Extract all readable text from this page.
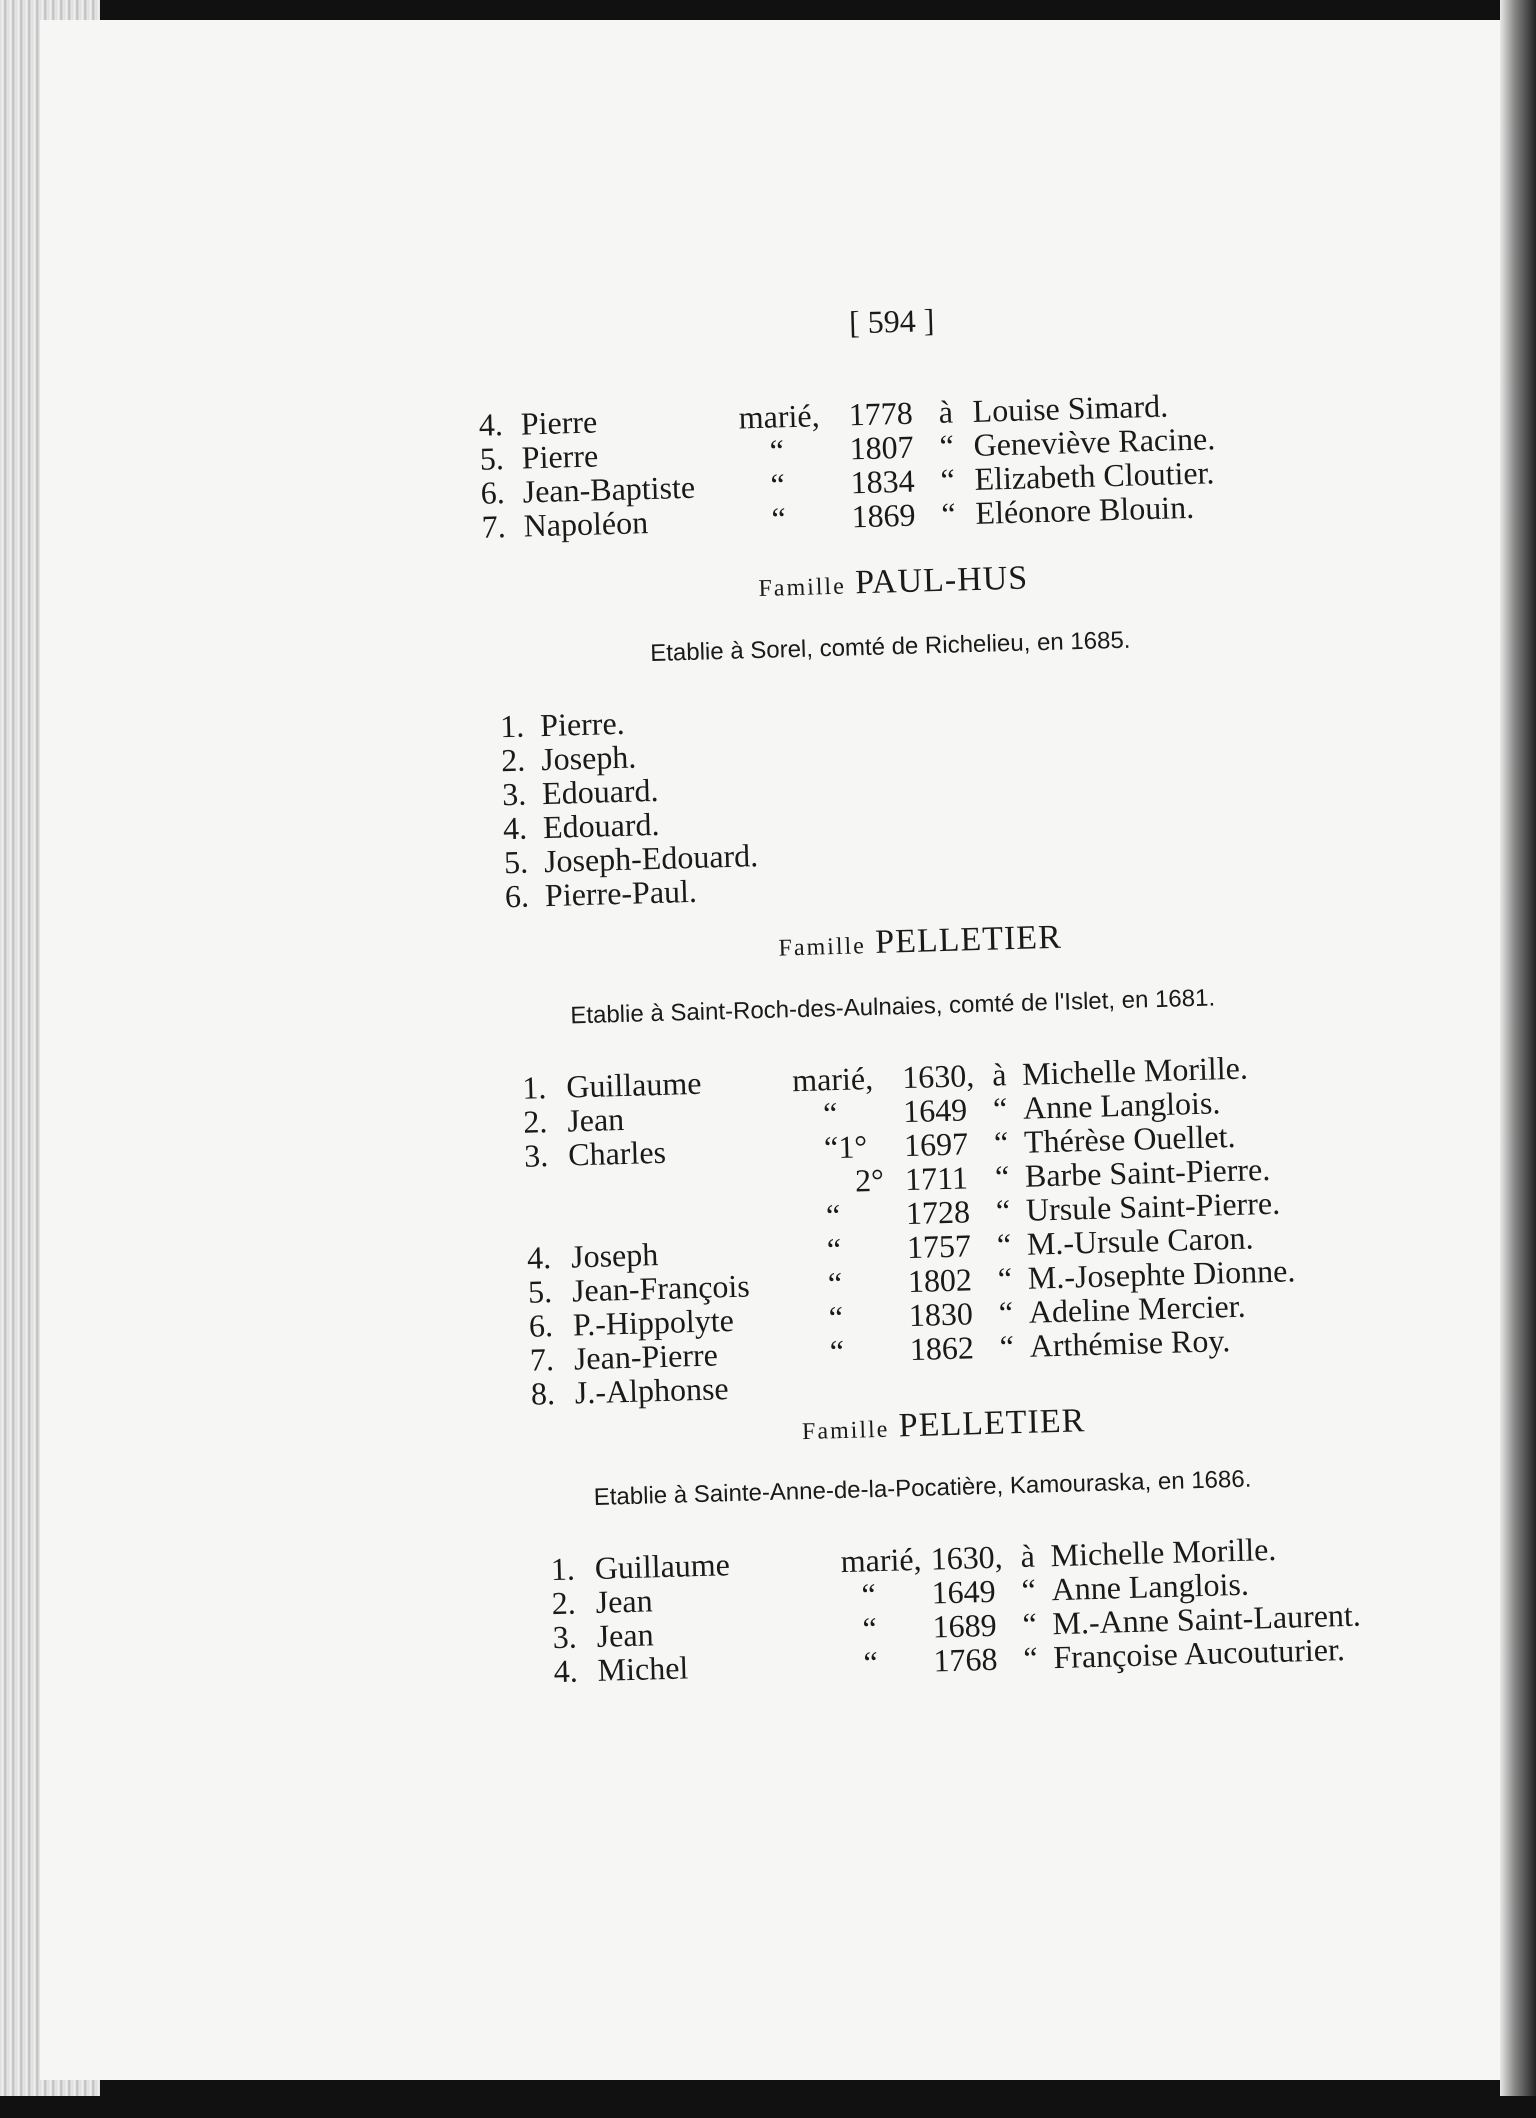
[ 594 ]
4. Pierre	marié, 1778 à Louise Simard.
5. Pierre	“ 1807 “ Geneviève Racine.
6. Jean-Baptiste “ 1834 “ Elizabeth Cloutier.
7. Napoléon	“ 1869 “ Eléonore Blouin.
Famille PAUL-HUS
Etablie à Sorel, comté de Richelieu, en 1685.
1. Pierre.
2. Joseph.
3. Edouard.
4. Edouard.
5. Joseph-Edouard.
6. Pierre-Paul.
Famille PELLETIER
Etablie à Saint-Roch-des-Aulnaies, comté de l'Islet, en 1681.
1. Guillaume	marié, 1630, à Michelle Morille.
2. Jean	“ 1649 “ Anne Langlois.
3. Charles	“1° 1697 “ Thérèse Ouellet.
2° 1711 “ Barbe Saint-Pierre.
“ 1728 “ Ursule Saint-Pierre.
4. Joseph	“ 1757 “ M.-Ursule Caron.
5. Jean-François “ 1802 “ M.-Josephte Dionne.
6. P.-Hippolyte	“ 1830 “ Adeline Mercier.
7. Jean-Pierre	“ 1862 “ Arthémise Roy.
8. J.-Alphonse
Famille PELLETIER
Etablie à Sainte-Anne-de-la-Pocatière, Kamouraska, en 1686.
1. Guillaume	marié, 1630, à Michelle Morille.
2. Jean	“ 1649 “ Anne Langlois.
3. Jean	“ 1689 “ M.-Anne Saint-Laurent.
4. Michel	“ 1768 “ Françoise Aucouturier.
